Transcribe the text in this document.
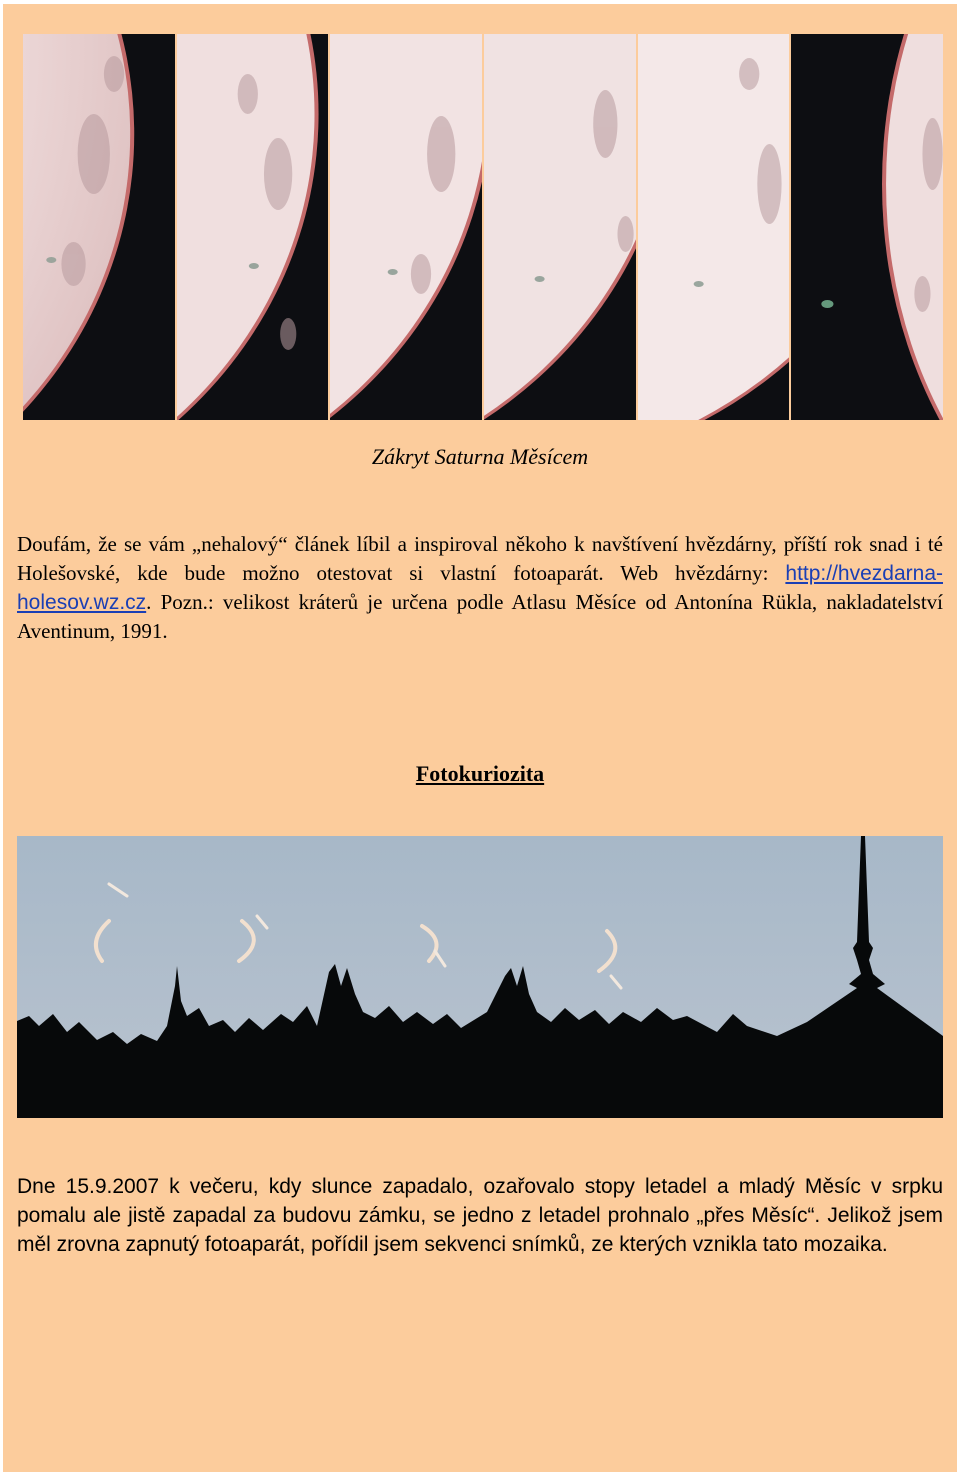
Zákryt Saturna Měsícem
Doufám, že se vám „nehalový“ článek líbil a inspiroval někoho k navštívení hvězdárny, příští rok snad i té Holešovské, kde bude možno otestovat si vlastní fotoaparát. Web hvězdárny: http://hvezdarna-holesov.wz.cz. Pozn.: velikost kráterů je určena podle Atlasu Měsíce od Antonína Rükla, nakladatelství Aventinum, 1991.
Fotokuriozita
Dne 15.9.2007 k večeru, kdy slunce zapadalo, ozařovalo stopy letadel a mladý Měsíc v srpku pomalu ale jistě zapadal za budovu zámku, se jedno z letadel prohnalo „přes Měsíc“. Jelikož jsem měl zrovna zapnutý fotoaparát, pořídil jsem sekvenci snímků, ze kterých vznikla tato mozaika.
